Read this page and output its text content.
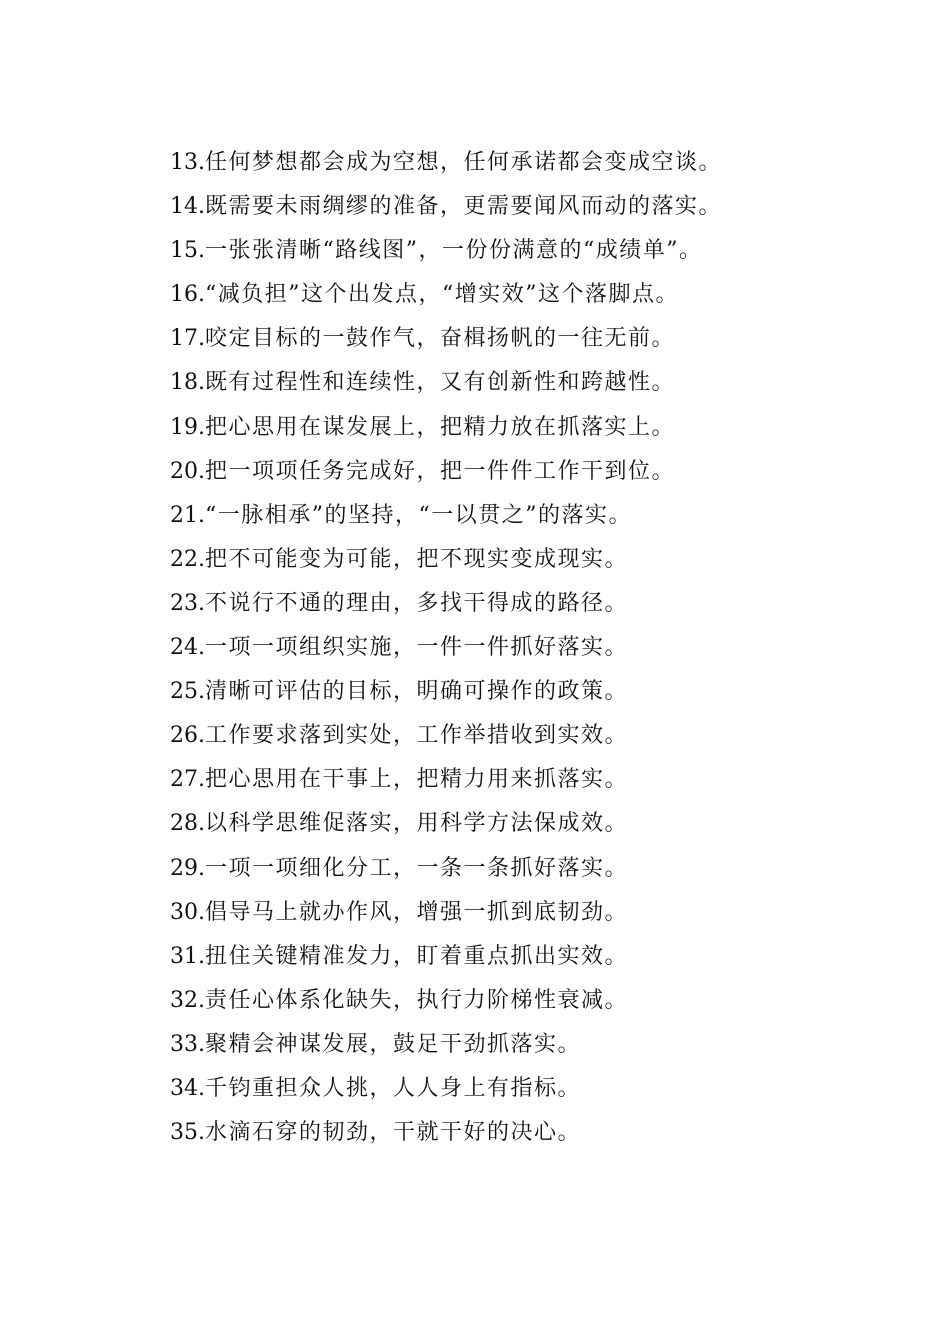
13.任何梦想都会成为空想，任何承诺都会变成空谈。
14.既需要未雨绸缪的准备，更需要闻风而动的落实。
15.一张张清晰“路线图”，一份份满意的“成绩单”。
16.“减负担”这个出发点，“增实效”这个落脚点。
17.咬定目标的一鼓作气，奋楫扬帆的一往无前。
18.既有过程性和连续性，又有创新性和跨越性。
19.把心思用在谋发展上，把精力放在抓落实上。
20.把一项项任务完成好，把一件件工作干到位。
21.“一脉相承”的坚持，“一以贯之”的落实。
22.把不可能变为可能，把不现实变成现实。
23.不说行不通的理由，多找干得成的路径。
24.一项一项组织实施，一件一件抓好落实。
25.清晰可评估的目标，明确可操作的政策。
26.工作要求落到实处，工作举措收到实效。
27.把心思用在干事上，把精力用来抓落实。
28.以科学思维促落实，用科学方法保成效。
29.一项一项细化分工，一条一条抓好落实。
30.倡导马上就办作风，增强一抓到底韧劲。
31.扭住关键精准发力，盯着重点抓出实效。
32.责任心体系化缺失，执行力阶梯性衰减。
33.聚精会神谋发展，鼓足干劲抓落实。
34.千钧重担众人挑，人人身上有指标。
35.水滴石穿的韧劲，干就干好的决心。
